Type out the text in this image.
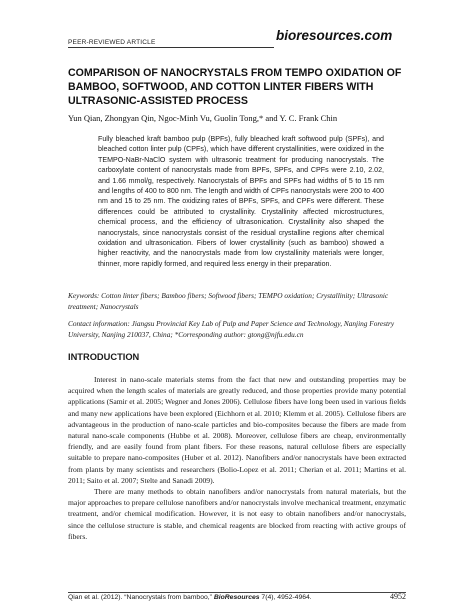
PEER-REVIEWED ARTICLE	bioresources.com
COMPARISON OF NANOCRYSTALS FROM TEMPO OXIDATION OF BAMBOO, SOFTWOOD, AND COTTON LINTER FIBERS WITH ULTRASONIC-ASSISTED PROCESS
Yun Qian, Zhongyan Qin, Ngoc-Minh Vu, Guolin Tong,* and Y. C. Frank Chin

Fully bleached kraft bamboo pulp (BPFs), fully bleached kraft softwood pulp (SPFs), and bleached cotton linter pulp (CPFs), which have different crystallinities, were oxidized in the TEMPO-NaBr-NaClO system with ultrasonic treatment for producing nanocrystals. The carboxylate content of nanocrystals made from BPFs, SPFs, and CPFs were 2.10, 2.02, and 1.66 mmol/g, respectively. Nanocrystals of BPFs and SPFs had widths of 5 to 15 nm and lengths of 400 to 800 nm. The length and width of CPFs nanocrystals were 200 to 400 nm and 15 to 25 nm. The oxidizing rates of BPFs, SPFs, and CPFs were different. These differences could be attributed to crystallinity. Crystallinity affected microstructures, chemical process, and the efficiency of ultrasonication. Crystallinity also shaped the nanocrystals, since nanocrystals consist of the residual crystalline regions after chemical oxidation and ultrasonication. Fibers of lower crystallinity (such as bamboo) showed a higher reactivity, and the nanocrystals made from low crystallinity materials were longer, thinner, more rapidly formed, and required less energy in their preparation.

Keywords: Cotton linter fibers; Bamboo fibers; Softwood fibers; TEMPO oxidation; Crystallinity; Ultrasonic treatment; Nanocrystals

Contact information: Jiangsu Provincial Key Lab of Pulp and Paper Science and Technology, Nanjing Forestry University, Nanjing 210037, China; *Corresponding author: gtong@njfu.edu.cn

INTRODUCTION

Interest in nano-scale materials stems from the fact that new and outstanding properties may be acquired when the length scales of materials are greatly reduced, and those properties provide many potential applications (Samir et al. 2005; Wegner and Jones 2006). Cellulose fibers have long been used in various fields and many new applications have been explored (Eichhorn et al. 2010; Klemm et al. 2005). Cellulose fibers are advantageous in the production of nano-scale particles and bio-composites because the fibers are made from natural nano-scale components (Hubbe et al. 2008). Moreover, cellulose fibers are cheap, environmentally friendly, and are easily found from plant fibers. For these reasons, natural cellulose fibers are especially suitable to prepare nano-composites (Huber et al. 2012). Nanofibers and/or nanocrystals have been extracted from plants by many scientists and researchers (Bolio-Lopez et al. 2011; Cherian et al. 2011; Martins et al. 2011; Saito et al. 2007; Stelte and Sanadi 2009).

There are many methods to obtain nanofibers and/or nanocrystals from natural materials, but the major approaches to prepare cellulose nanofibers and/or nanocrystals involve mechanical treatment, enzymatic treatment, and/or chemical modification. However, it is not easy to obtain nanofibers and/or nanocrystals, since the cellulose structure is stable, and chemical reagents are blocked from reacting with active groups of fibers.

Qian et al. (2012). “Nanocrystals from bamboo,” BioResources 7(4), 4952-4964.	4952
